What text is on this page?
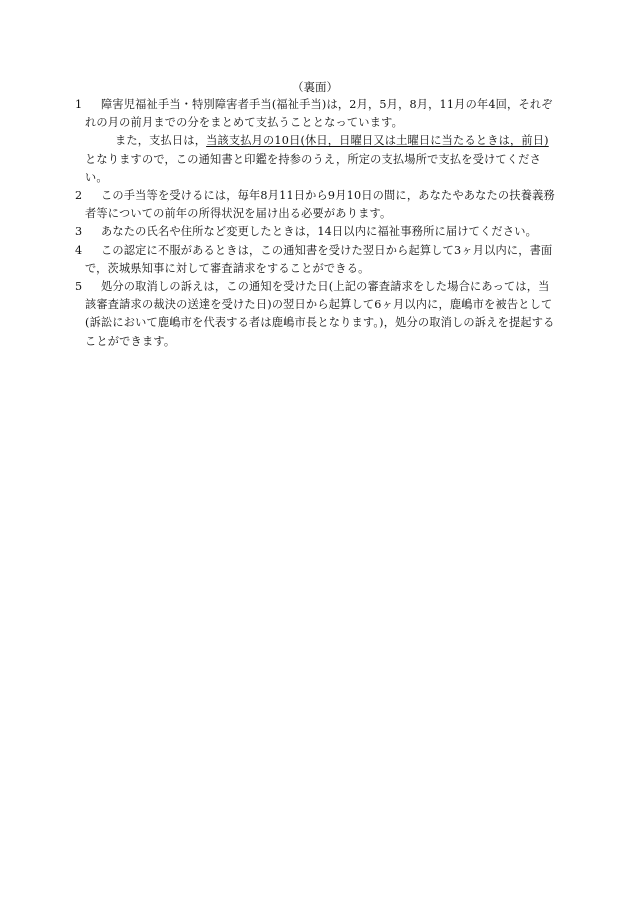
（裏面）
1	障害児福祉手当・特別障害者手当(福祉手当)は，2月，5月，8月，11月の年4回，それぞれの月の前月までの分をまとめて支払うこととなっています。
また，支払日は，当該支払月の10日(休日，日曜日又は土曜日に当たるときは，前日)となりますので，この通知書と印鑑を持参のうえ，所定の支払場所で支払を受けてください。
2	この手当等を受けるには，毎年8月11日から9月10日の間に，あなたやあなたの扶養義務者等についての前年の所得状況を届け出る必要があります。
3	あなたの氏名や住所など変更したときは，14日以内に福祉事務所に届けてください。
4	この認定に不服があるときは，この通知書を受けた翌日から起算して3ヶ月以内に，書面で，茨城県知事に対して審査請求をすることができる。
5	処分の取消しの訴えは，この通知を受けた日(上記の審査請求をした場合にあっては，当該審査請求の裁決の送達を受けた日)の翌日から起算して6ヶ月以内に，鹿嶋市を被告として(訴訟において鹿嶋市を代表する者は鹿嶋市長となります。)，処分の取消しの訴えを提起することができます。
